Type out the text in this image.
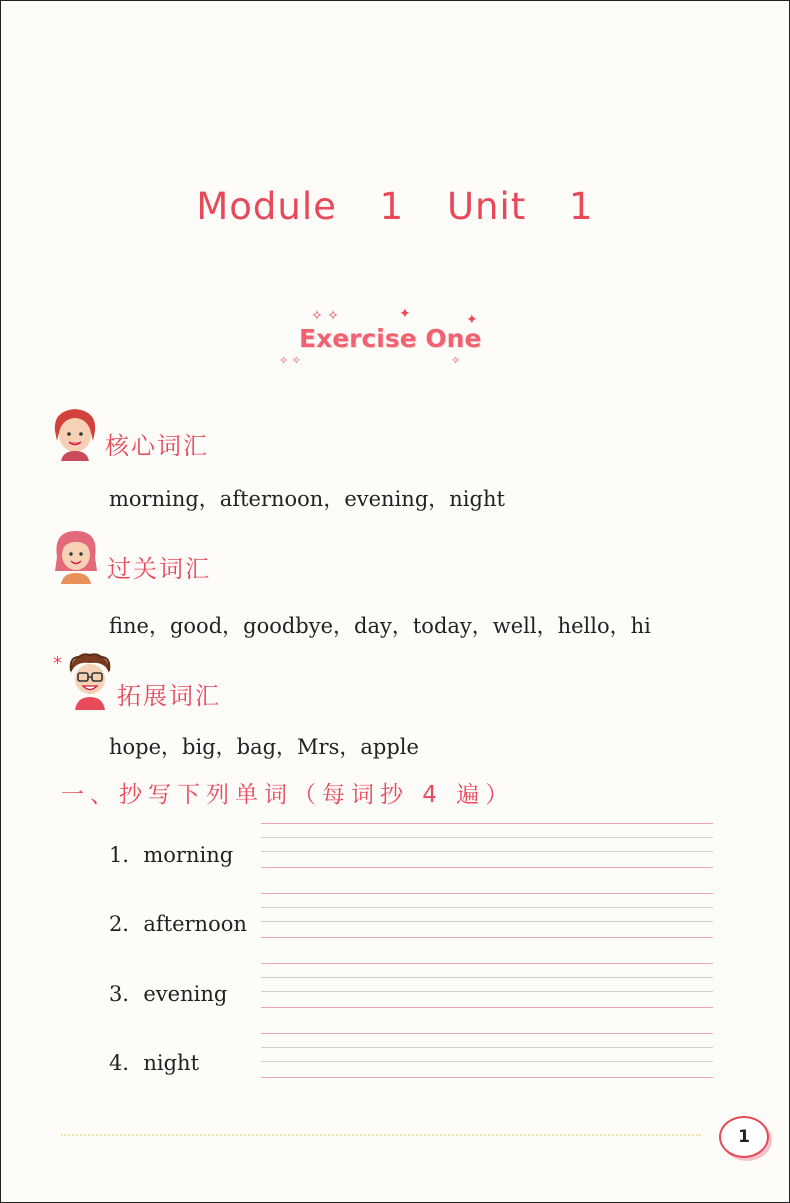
Module 1 Unit 1
✧ ✧	✦	✦
✧ ✧	✧
Exercise One
核心词汇
morning，afternoon，evening，night
过关词汇
fine，good，goodbye，day，today，well，hello，hi
*
拓展词汇
hope，big，bag，Mrs，apple
一、抄写下列单词（每词抄 4 遍）
1．morning
2．afternoon
3．evening
4．night
1
